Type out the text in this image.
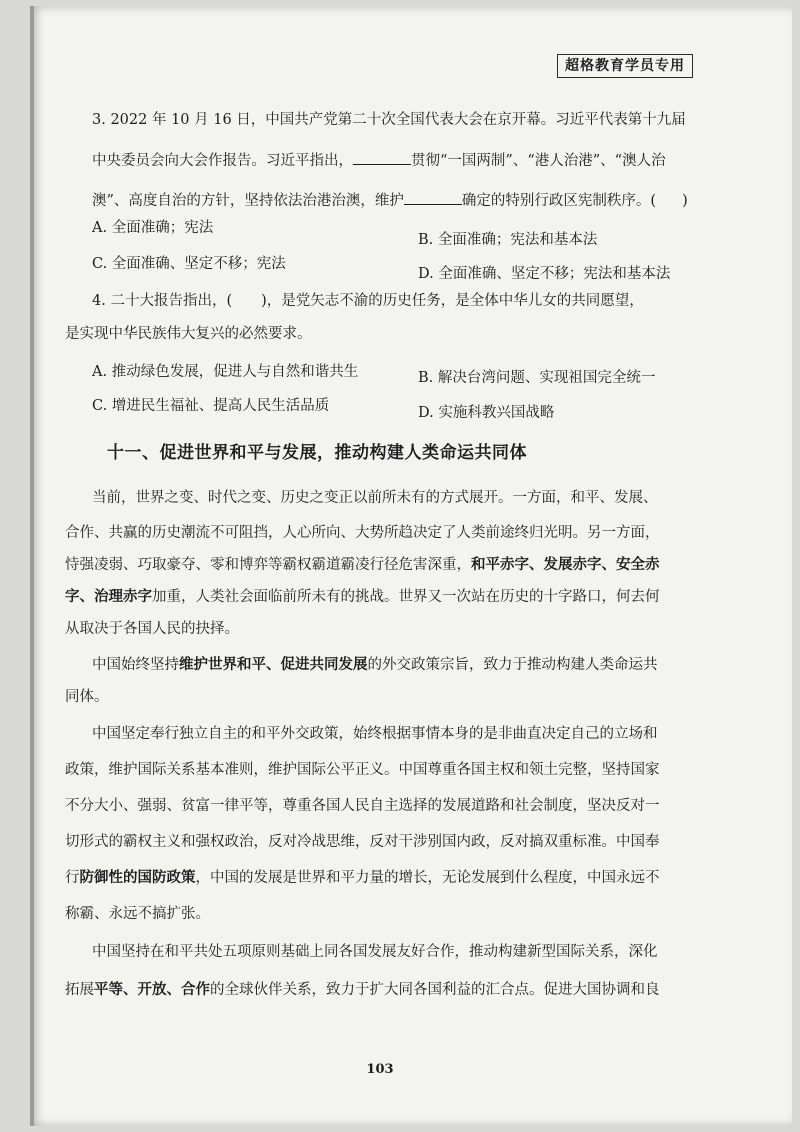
超格教育学员专用
3. 2022 年 10 月 16 日，中国共产党第二十次全国代表大会在京开幕。习近平代表第十九届
中央委员会向大会作报告。习近平指出，	贯彻“一国两制”、“港人治港”、“澳人治
澳”、高度自治的方针，坚持依法治港治澳，维护	确定的特别行政区宪制秩序。( )
A. 全面准确；宪法
B. 全面准确；宪法和基本法
C. 全面准确、坚定不移；宪法
D. 全面准确、坚定不移；宪法和基本法
4. 二十大报告指出，(　　)，是党矢志不渝的历史任务，是全体中华儿女的共同愿望，
是实现中华民族伟大复兴的必然要求。
A. 推动绿色发展，促进人与自然和谐共生	B. 解决台湾问题、实现祖国完全统一
C. 增进民生福祉、提高人民生活品质	D. 实施科教兴国战略
十一、促进世界和平与发展，推动构建人类命运共同体
当前，世界之变、时代之变、历史之变正以前所未有的方式展开。一方面，和平、发展、
合作、共赢的历史潮流不可阻挡，人心所向、大势所趋决定了人类前途终归光明。另一方面，
恃强凌弱、巧取豪夺、零和博弈等霸权霸道霸凌行径危害深重，和平赤字、发展赤字、安全赤
字、治理赤字加重，人类社会面临前所未有的挑战。世界又一次站在历史的十字路口，何去何
从取决于各国人民的抉择。
中国始终坚持维护世界和平、促进共同发展的外交政策宗旨，致力于推动构建人类命运共
同体。
中国坚定奉行独立自主的和平外交政策，始终根据事情本身的是非曲直决定自己的立场和
政策，维护国际关系基本准则，维护国际公平正义。中国尊重各国主权和领土完整，坚持国家
不分大小、强弱、贫富一律平等，尊重各国人民自主选择的发展道路和社会制度，坚决反对一
切形式的霸权主义和强权政治，反对冷战思维，反对干涉别国内政，反对搞双重标准。中国奉
行防御性的国防政策，中国的发展是世界和平力量的增长，无论发展到什么程度，中国永远不
称霸、永远不搞扩张。
中国坚持在和平共处五项原则基础上同各国发展友好合作，推动构建新型国际关系，深化
拓展平等、开放、合作的全球伙伴关系，致力于扩大同各国利益的汇合点。促进大国协调和良
103
